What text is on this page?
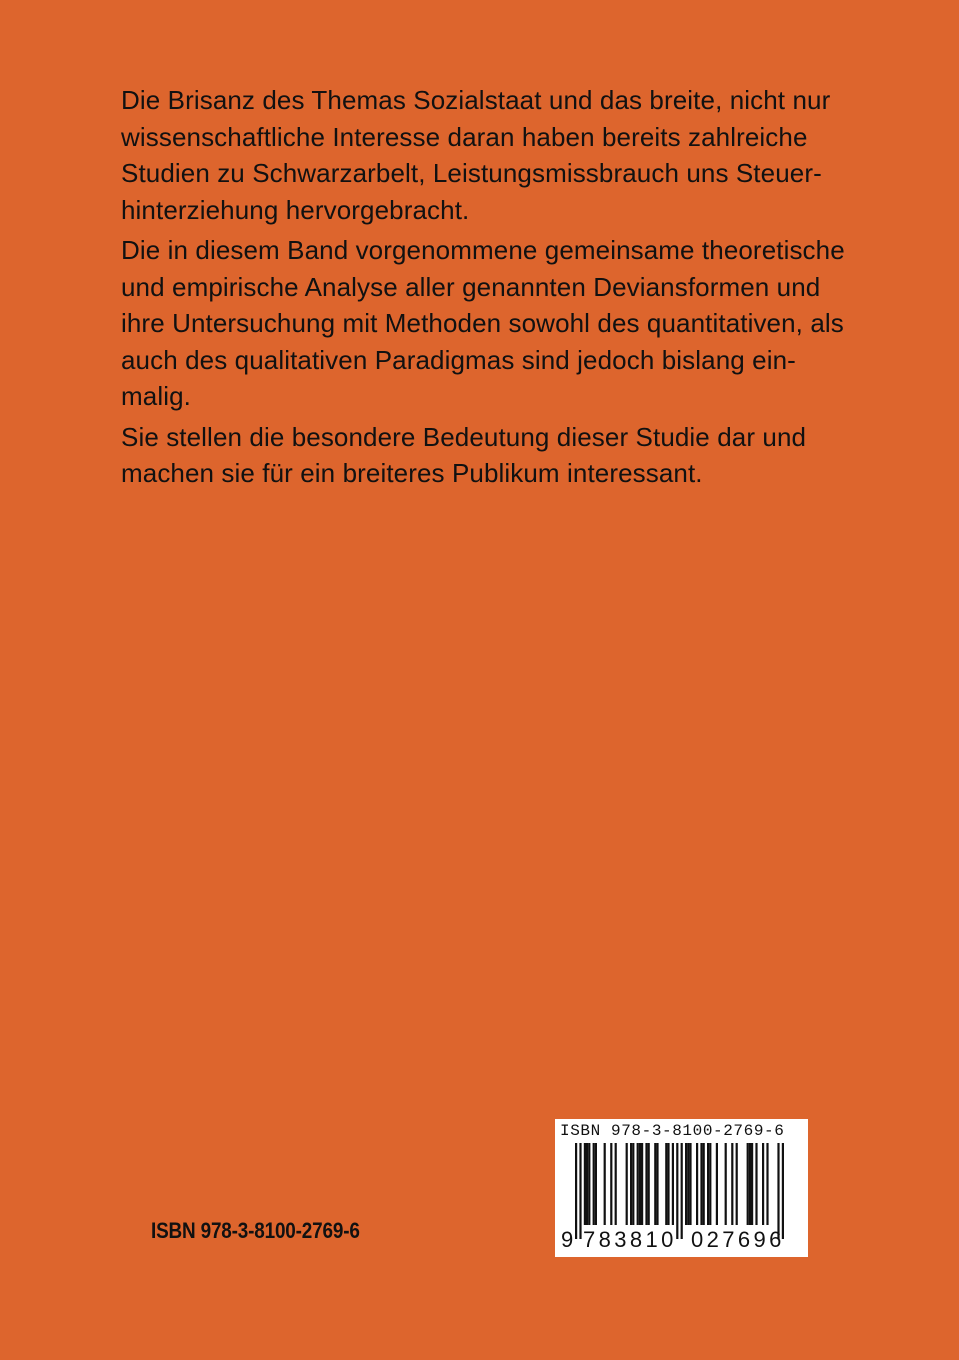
Die Brisanz des Themas Sozialstaat und das breite, nicht nur
wissenschaftliche Interesse daran haben bereits zahlreiche
Studien zu Schwarzarbelt, Leistungsmissbrauch uns Steuer-
hinterziehung hervorgebracht.

Die in diesem Band vorgenommene gemeinsame theoretische
und empirische Analyse aller genannten Deviansformen und
ihre Untersuchung mit Methoden sowohl des quantitativen, als
auch des qualitativen Paradigmas sind jedoch bislang ein-
malig.

Sie stellen die besondere Bedeutung dieser Studie dar und
machen sie für ein breiteres Publikum interessant.

ISBN 978-3-8100-2769-6
ISBN 978-3-8100-2769-6
9 783810 027696
